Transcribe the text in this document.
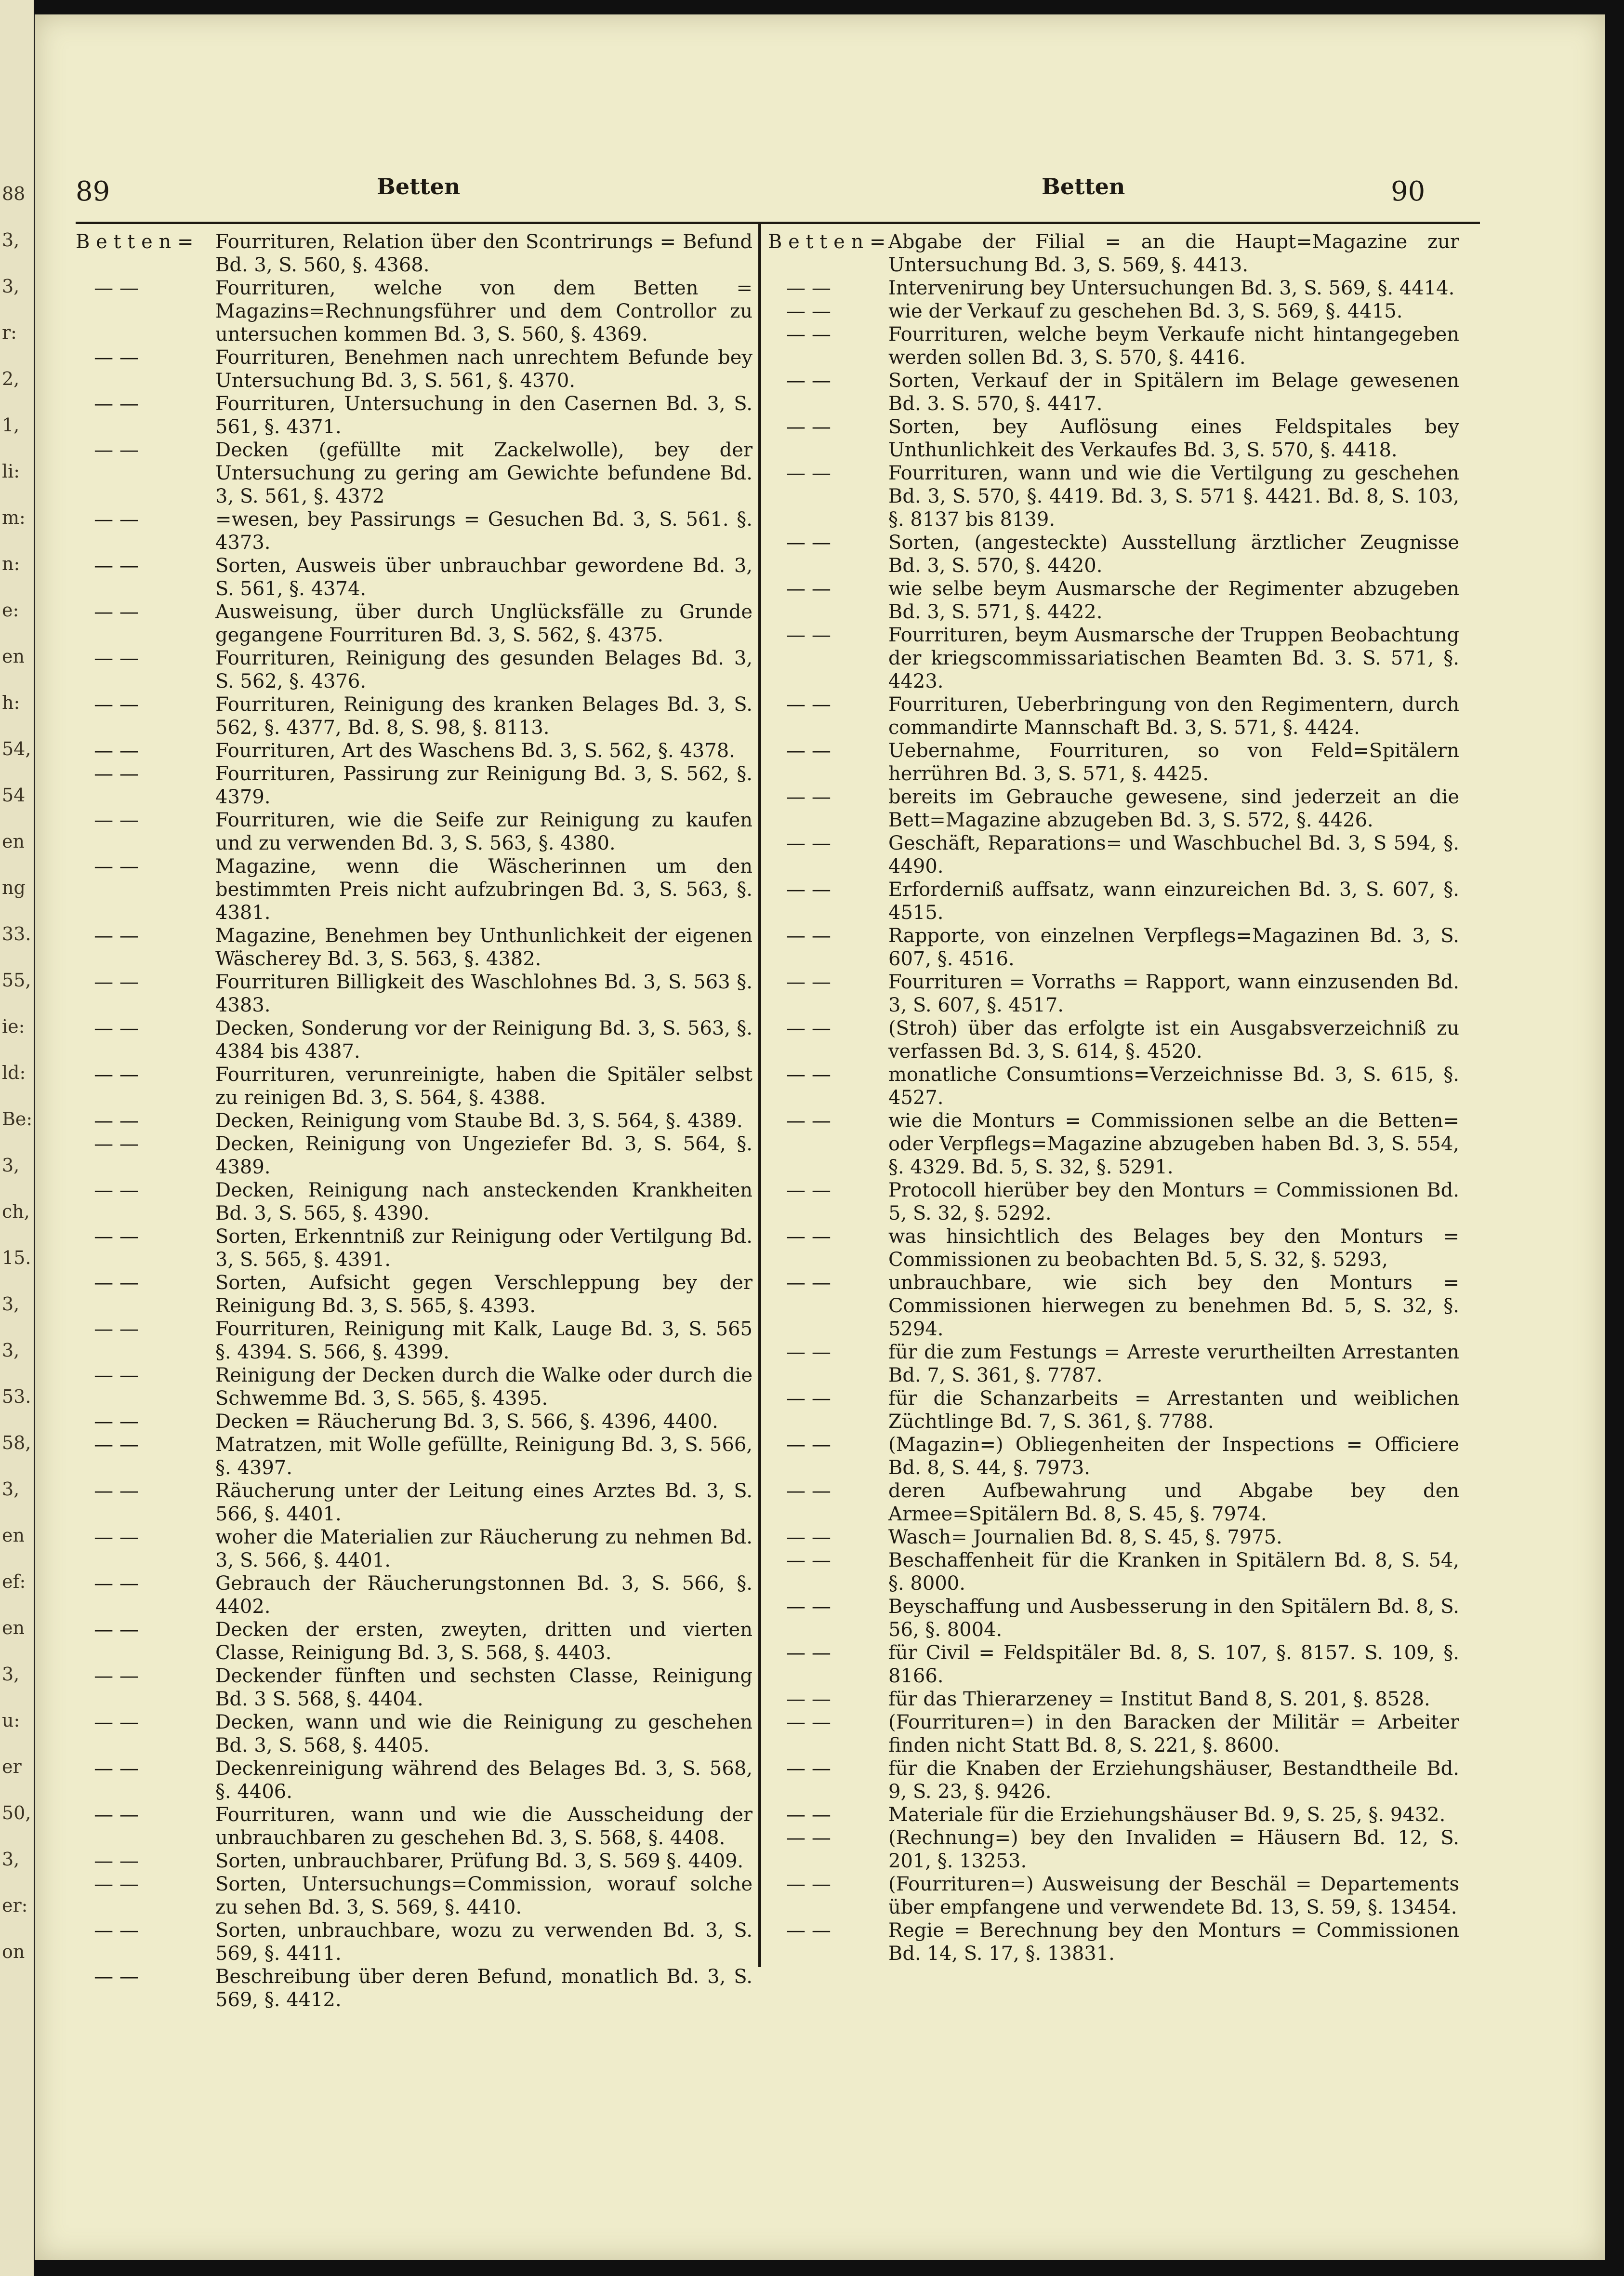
88
3,
3,
r:
2,
1,
li:
m:
n:
e:
en
h:
54,
54
en
ng
33.
55,
ie:
ld:
Be:
3,
ch,
15.
3,
3,
53.
58,
3,
en
ef:
en
3,
u:
er
50,
3,
er:
on
89	Betten	Betten	90
B e t t e n =	Fourrituren, Relation über den Scontrirungs = Befund Bd. 3, S. 560, §. 4368.
— —	Fourrituren, welche von dem Betten = Magazins=Rechnungsführer und dem Controllor zu untersuchen kommen Bd. 3, S. 560, §. 4369.
— —	Fourrituren, Benehmen nach unrechtem Befunde bey Untersuchung Bd. 3, S. 561, §. 4370.
— —	Fourrituren, Untersuchung in den Casernen Bd. 3, S. 561, §. 4371.
— —	Decken (gefüllte mit Zackelwolle), bey der Untersuchung zu gering am Gewichte befundene Bd. 3, S. 561, §. 4372
— —	=wesen, bey Passirungs = Gesuchen Bd. 3, S. 561. §. 4373.
— —	Sorten, Ausweis über unbrauchbar gewordene Bd. 3, S. 561, §. 4374.
— —	Ausweisung, über durch Unglücksfälle zu Grunde gegangene Fourrituren Bd. 3, S. 562, §. 4375.
— —	Fourrituren, Reinigung des gesunden Belages Bd. 3, S. 562, §. 4376.
— —	Fourrituren, Reinigung des kranken Belages Bd. 3, S. 562, §. 4377, Bd. 8, S. 98, §. 8113.
— —	Fourrituren, Art des Waschens Bd. 3, S. 562, §. 4378.
— —	Fourrituren, Passirung zur Reinigung Bd. 3, S. 562, §. 4379.
— —	Fourrituren, wie die Seife zur Reinigung zu kaufen und zu verwenden Bd. 3, S. 563, §. 4380.
— —	Magazine, wenn die Wäscherinnen um den bestimmten Preis nicht aufzubringen Bd. 3, S. 563, §. 4381.
— —	Magazine, Benehmen bey Unthunlichkeit der eigenen Wäscherey Bd. 3, S. 563, §. 4382.
— —	Fourrituren Billigkeit des Waschlohnes Bd. 3, S. 563 §. 4383.
— —	Decken, Sonderung vor der Reinigung Bd. 3, S. 563, §. 4384 bis 4387.
— —	Fourrituren, verunreinigte, haben die Spitäler selbst zu reinigen Bd. 3, S. 564, §. 4388.
— —	Decken, Reinigung vom Staube Bd. 3, S. 564, §. 4389.
— —	Decken, Reinigung von Ungeziefer Bd. 3, S. 564, §. 4389.
— —	Decken, Reinigung nach ansteckenden Krankheiten Bd. 3, S. 565, §. 4390.
— —	Sorten, Erkenntniß zur Reinigung oder Vertilgung Bd. 3, S. 565, §. 4391.
— —	Sorten, Aufsicht gegen Verschleppung bey der Reinigung Bd. 3, S. 565, §. 4393.
— —	Fourrituren, Reinigung mit Kalk, Lauge Bd. 3, S. 565 §. 4394. S. 566, §. 4399.
— —	Reinigung der Decken durch die Walke oder durch die Schwemme Bd. 3, S. 565, §. 4395.
— —	Decken = Räucherung Bd. 3, S. 566, §. 4396, 4400.
— —	Matratzen, mit Wolle gefüllte, Reinigung Bd. 3, S. 566, §. 4397.
— —	Räucherung unter der Leitung eines Arztes Bd. 3, S. 566, §. 4401.
— —	woher die Materialien zur Räucherung zu nehmen Bd. 3, S. 566, §. 4401.
— —	Gebrauch der Räucherungstonnen Bd. 3, S. 566, §. 4402.
— —	Decken der ersten, zweyten, dritten und vierten Classe, Reinigung Bd. 3, S. 568, §. 4403.
— —	Deckender fünften und sechsten Classe, Reinigung Bd. 3 S. 568, §. 4404.
— —	Decken, wann und wie die Reinigung zu geschehen Bd. 3, S. 568, §. 4405.
— —	Deckenreinigung während des Belages Bd. 3, S. 568, §. 4406.
— —	Fourrituren, wann und wie die Ausscheidung der unbrauchbaren zu geschehen Bd. 3, S. 568, §. 4408.
— —	Sorten, unbrauchbarer, Prüfung Bd. 3, S. 569 §. 4409.
— —	Sorten, Untersuchungs=Commission, worauf solche zu sehen Bd. 3, S. 569, §. 4410.
— —	Sorten, unbrauchbare, wozu zu verwenden Bd. 3, S. 569, §. 4411.
— —	Beschreibung über deren Befund, monatlich Bd. 3, S. 569, §. 4412.
B e t t e n = Abgabe der Filial = an die Haupt=Magazine zur Untersuchung Bd. 3, S. 569, §. 4413.
— —	Intervenirung bey Untersuchungen Bd. 3, S. 569, §. 4414.
— —	wie der Verkauf zu geschehen Bd. 3, S. 569, §. 4415.
— —	Fourrituren, welche beym Verkaufe nicht hintangegeben werden sollen Bd. 3, S. 570, §. 4416.
— —	Sorten, Verkauf der in Spitälern im Belage gewesenen Bd. 3. S. 570, §. 4417.
— —	Sorten, bey Auflösung eines Feldspitales bey Unthunlichkeit des Verkaufes Bd. 3, S. 570, §. 4418.
— —	Fourrituren, wann und wie die Vertilgung zu geschehen Bd. 3, S. 570, §. 4419. Bd. 3, S. 571 §. 4421. Bd. 8, S. 103, §. 8137 bis 8139.
— —	Sorten, (angesteckte) Ausstellung ärztlicher Zeugnisse Bd. 3, S. 570, §. 4420.
— —	wie selbe beym Ausmarsche der Regimenter abzugeben Bd. 3, S. 571, §. 4422.
— —	Fourrituren, beym Ausmarsche der Truppen Beobachtung der kriegscommissariatischen Beamten Bd. 3. S. 571, §. 4423.
— —	Fourrituren, Ueberbringung von den Regimentern, durch commandirte Mannschaft Bd. 3, S. 571, §. 4424.
— —	Uebernahme, Fourrituren, so von Feld=Spitälern herrühren Bd. 3, S. 571, §. 4425.
— —	bereits im Gebrauche gewesene, sind jederzeit an die Bett=Magazine abzugeben Bd. 3, S. 572, §. 4426.
— —	Geschäft, Reparations= und Waschbuchel Bd. 3, S 594, §. 4490.
— —	Erforderniß auffsatz, wann einzureichen Bd. 3, S. 607, §. 4515.
— —	Rapporte, von einzelnen Verpflegs=Magazinen Bd. 3, S. 607, §. 4516.
— —	Fourrituren = Vorraths = Rapport, wann einzusenden Bd. 3, S. 607, §. 4517.
— —	(Stroh) über das erfolgte ist ein Ausgabsverzeichniß zu verfassen Bd. 3, S. 614, §. 4520.
— —	monatliche Consumtions=Verzeichnisse Bd. 3, S. 615, §. 4527.
— —	wie die Monturs = Commissionen selbe an die Betten= oder Verpflegs=Magazine abzugeben haben Bd. 3, S. 554, §. 4329. Bd. 5, S. 32, §. 5291.
— —	Protocoll hierüber bey den Monturs = Commissionen Bd. 5, S. 32, §. 5292.
— —	was hinsichtlich des Belages bey den Monturs = Commissionen zu beobachten Bd. 5, S. 32, §. 5293,
— —	unbrauchbare, wie sich bey den Monturs = Commissionen hierwegen zu benehmen Bd. 5, S. 32, §. 5294.
— —	für die zum Festungs = Arreste verurtheilten Arrestanten Bd. 7, S. 361, §. 7787.
— —	für die Schanzarbeits = Arrestanten und weiblichen Züchtlinge Bd. 7, S. 361, §. 7788.
— —	(Magazin=) Obliegenheiten der Inspections = Officiere Bd. 8, S. 44, §. 7973.
— —	deren Aufbewahrung und Abgabe bey den Armee=Spitälern Bd. 8, S. 45, §. 7974.
— —	Wasch= Journalien Bd. 8, S. 45, §. 7975.
— —	Beschaffenheit für die Kranken in Spitälern Bd. 8, S. 54, §. 8000.
— —	Beyschaffung und Ausbesserung in den Spitälern Bd. 8, S. 56, §. 8004.
— —	für Civil = Feldspitäler Bd. 8, S. 107, §. 8157. S. 109, §. 8166.
— —	für das Thierarzeney = Institut Band 8, S. 201, §. 8528.
— —	(Fourrituren=) in den Baracken der Militär = Arbeiter finden nicht Statt Bd. 8, S. 221, §. 8600.
— —	für die Knaben der Erziehungshäuser, Bestandtheile Bd. 9, S. 23, §. 9426.
— —	Materiale für die Erziehungshäuser Bd. 9, S. 25, §. 9432.
— —	(Rechnung=) bey den Invaliden = Häusern Bd. 12, S. 201, §. 13253.
— —	(Fourrituren=) Ausweisung der Beschäl = Departements über empfangene und verwendete Bd. 13, S. 59, §. 13454.
— —	Regie = Berechnung bey den Monturs = Commissionen Bd. 14, S. 17, §. 13831.
